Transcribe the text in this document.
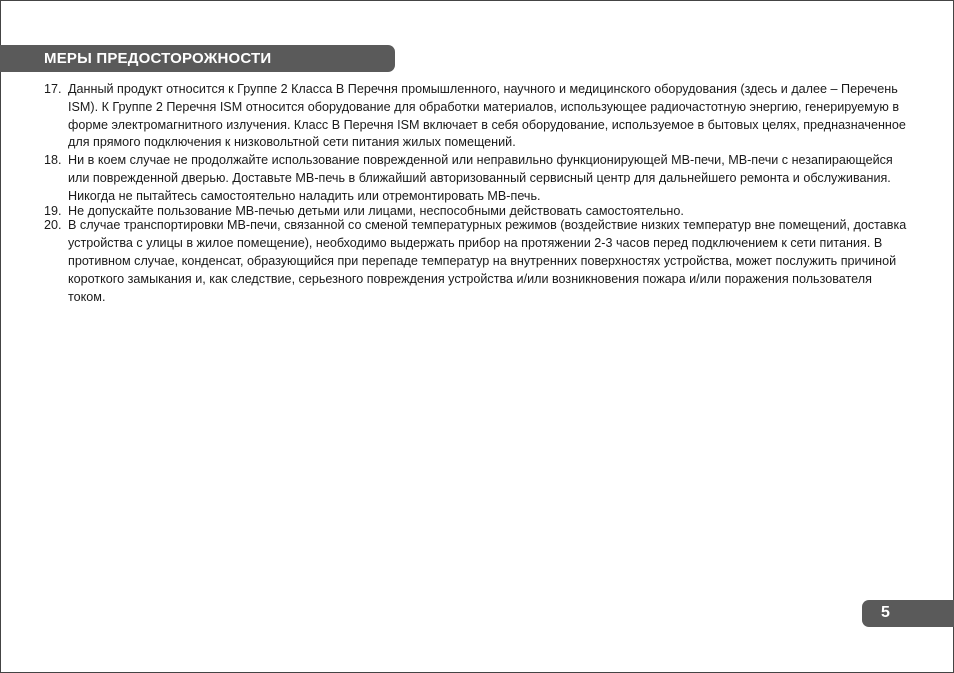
МЕРЫ ПРЕДОСТОРОЖНОСТИ
17. Данный продукт относится к Группе 2 Класса B Перечня промышленного, научного и медицинского оборудования (здесь и далее – Перечень ISM). К Группе 2 Перечня ISM относится оборудование для обработки материалов, использующее радиочастотную энергию, генерируемую в форме электромагнитного излучения. Класс B Перечня ISM включает в себя оборудование, используемое в бытовых целях, предназначенное для прямого подключения к низковольтной сети питания жилых помещений.
18. Ни в коем случае не продолжайте использование поврежденной или неправильно функционирующей МВ-печи, МВ-печи с незапирающейся или поврежденной дверью. Доставьте МВ-печь в ближайший авторизованный сервисный центр для дальнейшего ремонта и обслуживания. Никогда не пытайтесь самостоятельно наладить или отремонтировать МВ-печь.
19. Не допускайте пользование МВ-печью детьми или лицами, неспособными действовать самостоятельно.
20. В случае транспортировки МВ-печи, связанной со сменой температурных режимов (воздействие низких температур вне помещений, доставка устройства с улицы в жилое помещение), необходимо выдержать прибор на протяжении 2-3 часов перед подключением к сети питания. В противном случае, конденсат, образующийся при перепаде температур на внутренних поверхностях устройства, может послужить причиной короткого замыкания и, как следствие, серьезного повреждения устройства и/или возникновения пожара и/или поражения пользователя током.
5
